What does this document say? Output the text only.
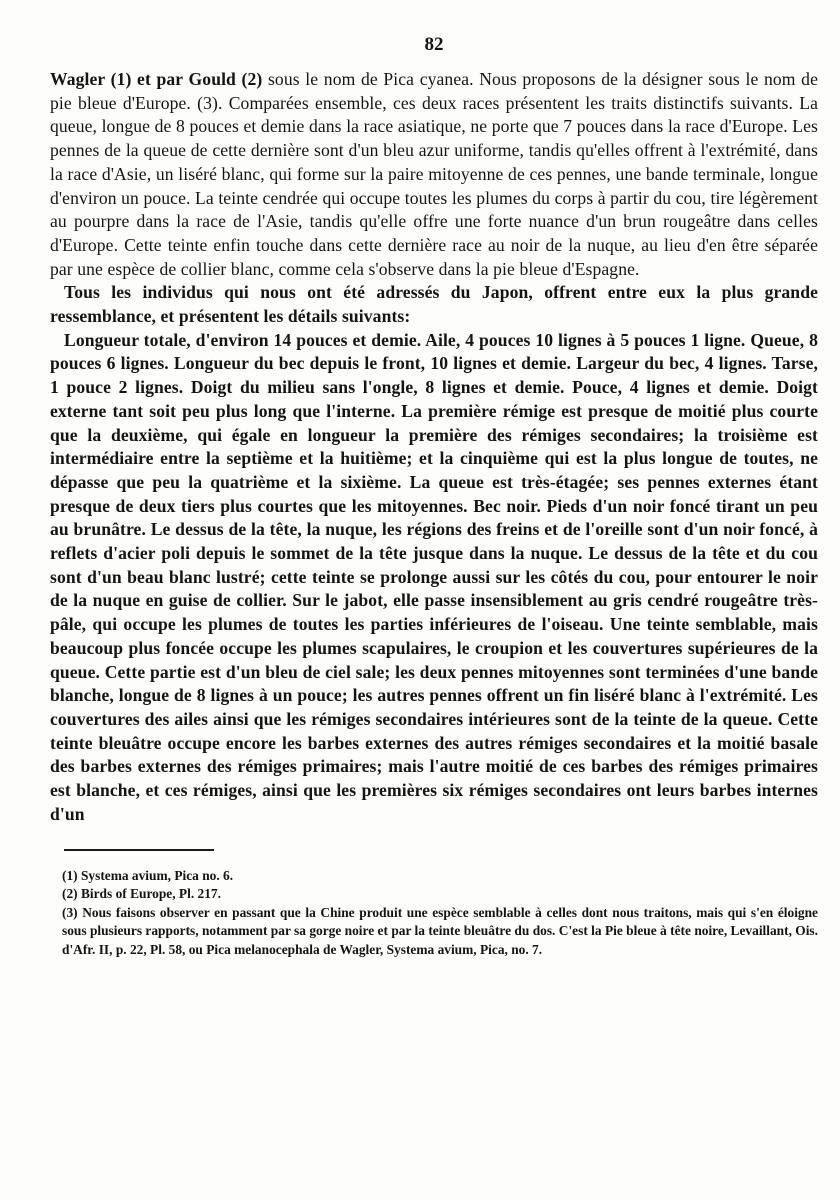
82

Wagler (1) et par Gould (2) sous le nom de Pica cyanea. Nous proposons de la désigner sous le nom de pie bleue d'Europe. (3). Comparées ensemble, ces deux races présentent les traits distinctifs suivants. La queue, longue de 8 pouces et demie dans la race asiatique, ne porte que 7 pouces dans la race d'Europe. Les pennes de la queue de cette dernière sont d'un bleu azur uniforme, tandis qu'elles offrent à l'extrémité, dans la race d'Asie, un liséré blanc, qui forme sur la paire mitoyenne de ces pennes, une bande terminale, longue d'environ un pouce. La teinte cendrée qui occupe toutes les plumes du corps à partir du cou, tire légèrement au pourpre dans la race de l'Asie, tandis qu'elle offre une forte nuance d'un brun rougeâtre dans celles d'Europe. Cette teinte enfin touche dans cette dernière race au noir de la nuque, au lieu d'en être séparée par une espèce de collier blanc, comme cela s'observe dans la pie bleue d'Espagne.

Tous les individus qui nous ont été adressés du Japon, offrent entre eux la plus grande ressemblance, et présentent les détails suivants:

Longueur totale, d'environ 14 pouces et demie. Aile, 4 pouces 10 lignes à 5 pouces 1 ligne. Queue, 8 pouces 6 lignes. Longueur du bec depuis le front, 10 lignes et demie. Largeur du bec, 4 lignes. Tarse, 1 pouce 2 lignes. Doigt du milieu sans l'ongle, 8 lignes et demie. Pouce, 4 lignes et demie. Doigt externe tant soit peu plus long que l'interne. La première rémige est presque de moitié plus courte que la deuxième, qui égale en longueur la première des rémiges secondaires; la troisième est intermédiaire entre la septième et la huitième; et la cinquième qui est la plus longue de toutes, ne dépasse que peu la quatrième et la sixième. La queue est très-étagée; ses pennes externes étant presque de deux tiers plus courtes que les mitoyennes. Bec noir. Pieds d'un noir foncé tirant un peu au brunâtre. Le dessus de la tête, la nuque, les régions des freins et de l'oreille sont d'un noir foncé, à reflets d'acier poli depuis le sommet de la tête jusque dans la nuque. Le dessus de la tête et du cou sont d'un beau blanc lustré; cette teinte se prolonge aussi sur les côtés du cou, pour entourer le noir de la nuque en guise de collier. Sur le jabot, elle passe insensiblement au gris cendré rougeâtre très-pâle, qui occupe les plumes de toutes les parties inférieures de l'oiseau. Une teinte semblable, mais beaucoup plus foncée occupe les plumes scapulaires, le croupion et les couvertures supérieures de la queue. Cette partie est d'un bleu de ciel sale; les deux pennes mitoyennes sont terminées d'une bande blanche, longue de 8 lignes à un pouce; les autres pennes offrent un fin liséré blanc à l'extrémité. Les couvertures des ailes ainsi que les rémiges secondaires intérieures sont de la teinte de la queue. Cette teinte bleuâtre occupe encore les barbes externes des autres rémiges secondaires et la moitié basale des barbes externes des rémiges primaires; mais l'autre moitié de ces barbes des rémiges primaires est blanche, et ces rémiges, ainsi que les premières six rémiges secondaires ont leurs barbes internes d'un

(1) Systema avium, Pica no. 6.

(2) Birds of Europe, Pl. 217.

(3) Nous faisons observer en passant que la Chine produit une espèce semblable à celles dont nous traitons, mais qui s'en éloigne sous plusieurs rapports, notamment par sa gorge noire et par la teinte bleuâtre du dos. C'est la Pie bleue à tête noire, Levaillant, Ois. d'Afr. II, p. 22, Pl. 58, ou Pica melanocephala de Wagler, Systema avium, Pica, no. 7.
